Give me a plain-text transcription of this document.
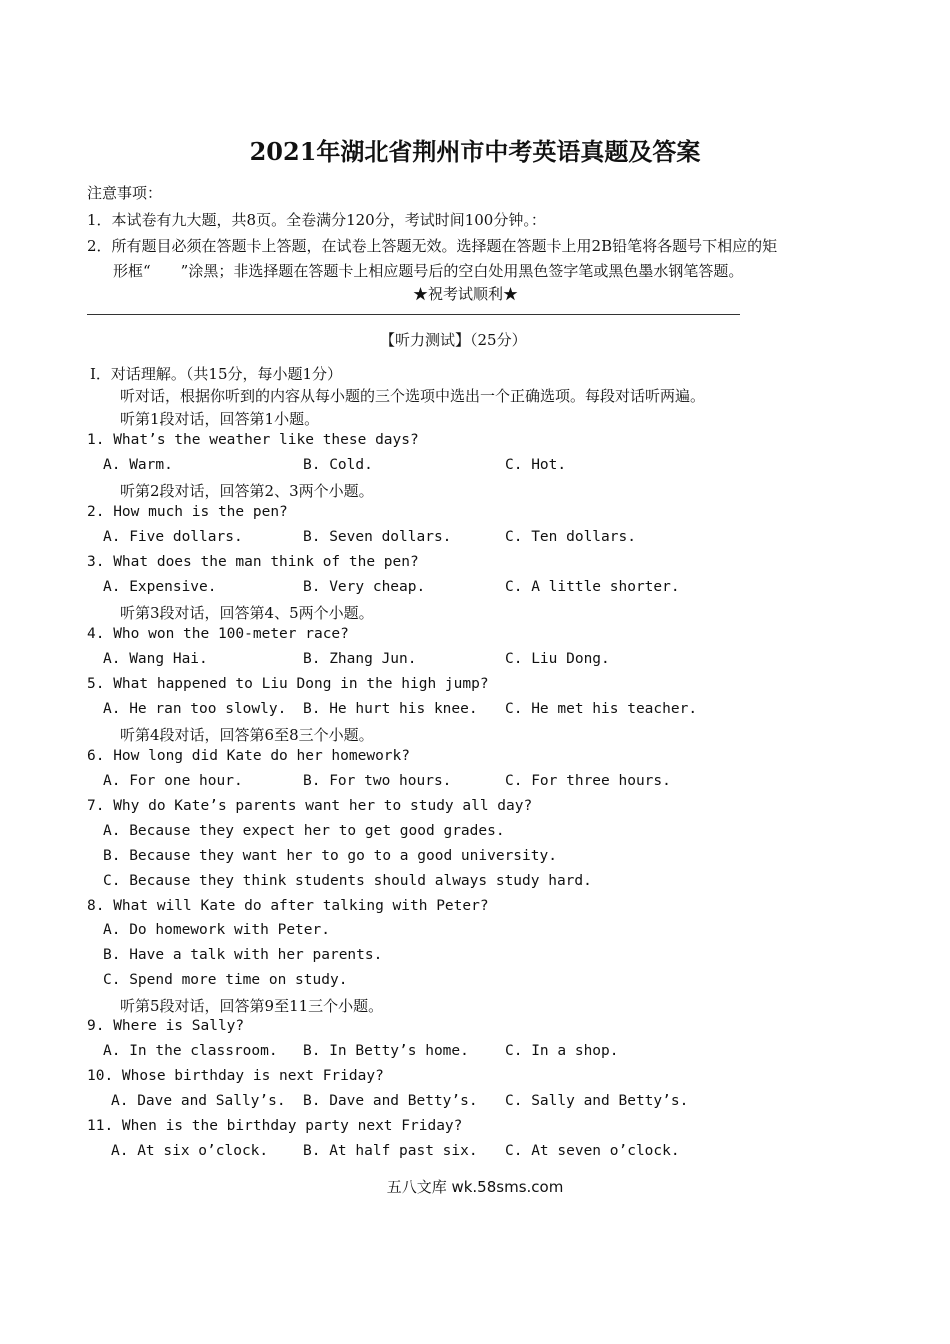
2021年湖北省荆州市中考英语真题及答案
注意事项：
1．本试卷有九大题，共8页。全卷满分120分，考试时间100分钟。：
2．所有题目必须在答题卡上答题，在试卷上答题无效。选择题在答题卡上用2B铅笔将各题号下相应的矩
形框“　　”涂黑；非选择题在答题卡上相应题号后的空白处用黑色签字笔或黑色墨水钢笔答题。
★祝考试顺利★
【听力测试】（25分）
Ⅰ．对话理解。（共15分，每小题1分）
听对话，根据你听到的内容从每小题的三个选项中选出一个正确选项。每段对话听两遍。
听第1段对话，回答第1小题。
1. What’s the weather like these days?
A. Warm.	B. Cold.	C. Hot.
听第2段对话，回答第2、3两个小题。
2. How much is the pen?
A. Five dollars.	B. Seven dollars.	C. Ten dollars.
3. What does the man think of the pen?
A. Expensive.	B. Very cheap.	C. A little shorter.
听第3段对话，回答第4、5两个小题。
4. Who won the 100-meter race?
A. Wang Hai.	B. Zhang Jun.	C. Liu Dong.
5. What happened to Liu Dong in the high jump?
A. He ran too slowly. B. He hurt his knee. C. He met his teacher.
听第4段对话，回答第6至8三个小题。
6. How long did Kate do her homework?
A. For one hour.	B. For two hours.	C. For three hours.
7. Why do Kate’s parents want her to study all day?
A. Because they expect her to get good grades.
B. Because they want her to go to a good university.
C. Because they think students should always study hard.
8. What will Kate do after talking with Peter?
A. Do homework with Peter.
B. Have a talk with her parents.
C. Spend more time on study.
听第5段对话，回答第9至11三个小题。
9. Where is Sally?
A. In the classroom. B. In Betty’s home. C. In a shop.
10. Whose birthday is next Friday?
A. Dave and Sally’s. B. Dave and Betty’s. C. Sally and Betty’s.
11. When is the birthday party next Friday?
A. At six o’clock. B. At half past six. C. At seven o’clock.
五八文库 wk.58sms.com
